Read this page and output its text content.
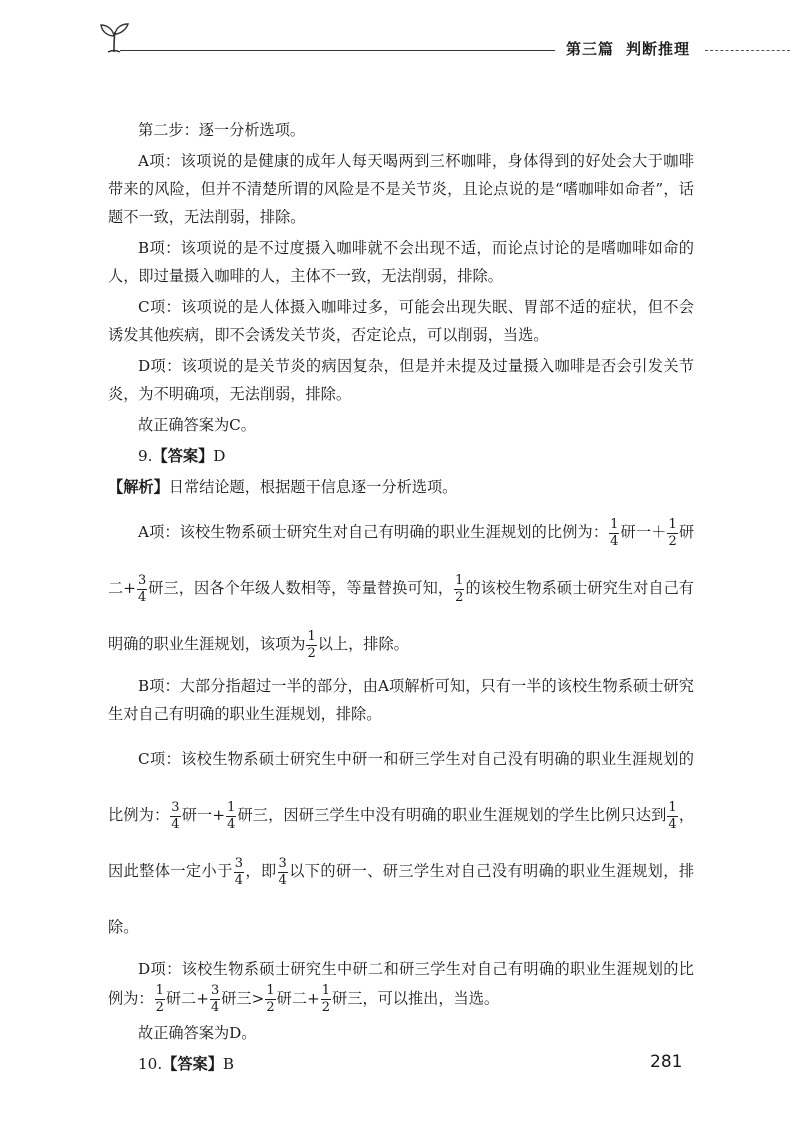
第三篇 判断推理

第二步：逐一分析选项。

A项：该项说的是健康的成年人每天喝两到三杯咖啡，身体得到的好处会大于咖啡带来的风险，但并不清楚所谓的风险是不是关节炎，且论点说的是“嗜咖啡如命者”，话题不一致，无法削弱，排除。

B项：该项说的是不过度摄入咖啡就不会出现不适，而论点讨论的是嗜咖啡如命的人，即过量摄入咖啡的人，主体不一致，无法削弱，排除。

C项：该项说的是人体摄入咖啡过多，可能会出现失眠、胃部不适的症状，但不会诱发其他疾病，即不会诱发关节炎，否定论点，可以削弱，当选。

D项：该项说的是关节炎的病因复杂，但是并未提及过量摄入咖啡是否会引发关节炎，为不明确项，无法削弱，排除。

故正确答案为C。

9.【答案】D

【解析】日常结论题，根据题干信息逐一分析选项。

A项：该校生物系硕士研究生对自己有明确的职业生涯规划的比例为： $\frac{1}{4}$ 研一＋ $\frac{1}{2}$ 研二+ $\frac{3}{4}$ 研三，因各个年级人数相等，等量替换可知， $\frac{1}{2}$ 的该校生物系硕士研究生对自己有明确的职业生涯规划，该项为 $\frac{1}{2}$ 以上，排除。

B项：大部分指超过一半的部分，由A项解析可知，只有一半的该校生物系硕士研究生对自己有明确的职业生涯规划，排除。

C项：该校生物系硕士研究生中研一和研三学生对自己没有明确的职业生涯规划的比例为： $\frac{3}{4}$ 研一+ $\frac{1}{4}$ 研三，因研三学生中没有明确的职业生涯规划的学生比例只达到 $\frac{1}{4}$ ，因此整体一定小于 $\frac{3}{4}$ ，即 $\frac{3}{4}$ 以下的研一、研三学生对自己没有明确的职业生涯规划，排除。

D项：该校生物系硕士研究生中研二和研三学生对自己有明确的职业生涯规划的比例为： $\frac{1}{2}$ 研二+ $\frac{3}{4}$ 研三> $\frac{1}{2}$ 研二+ $\frac{1}{2}$ 研三，可以推出，当选。

故正确答案为D。

10.【答案】B	281
